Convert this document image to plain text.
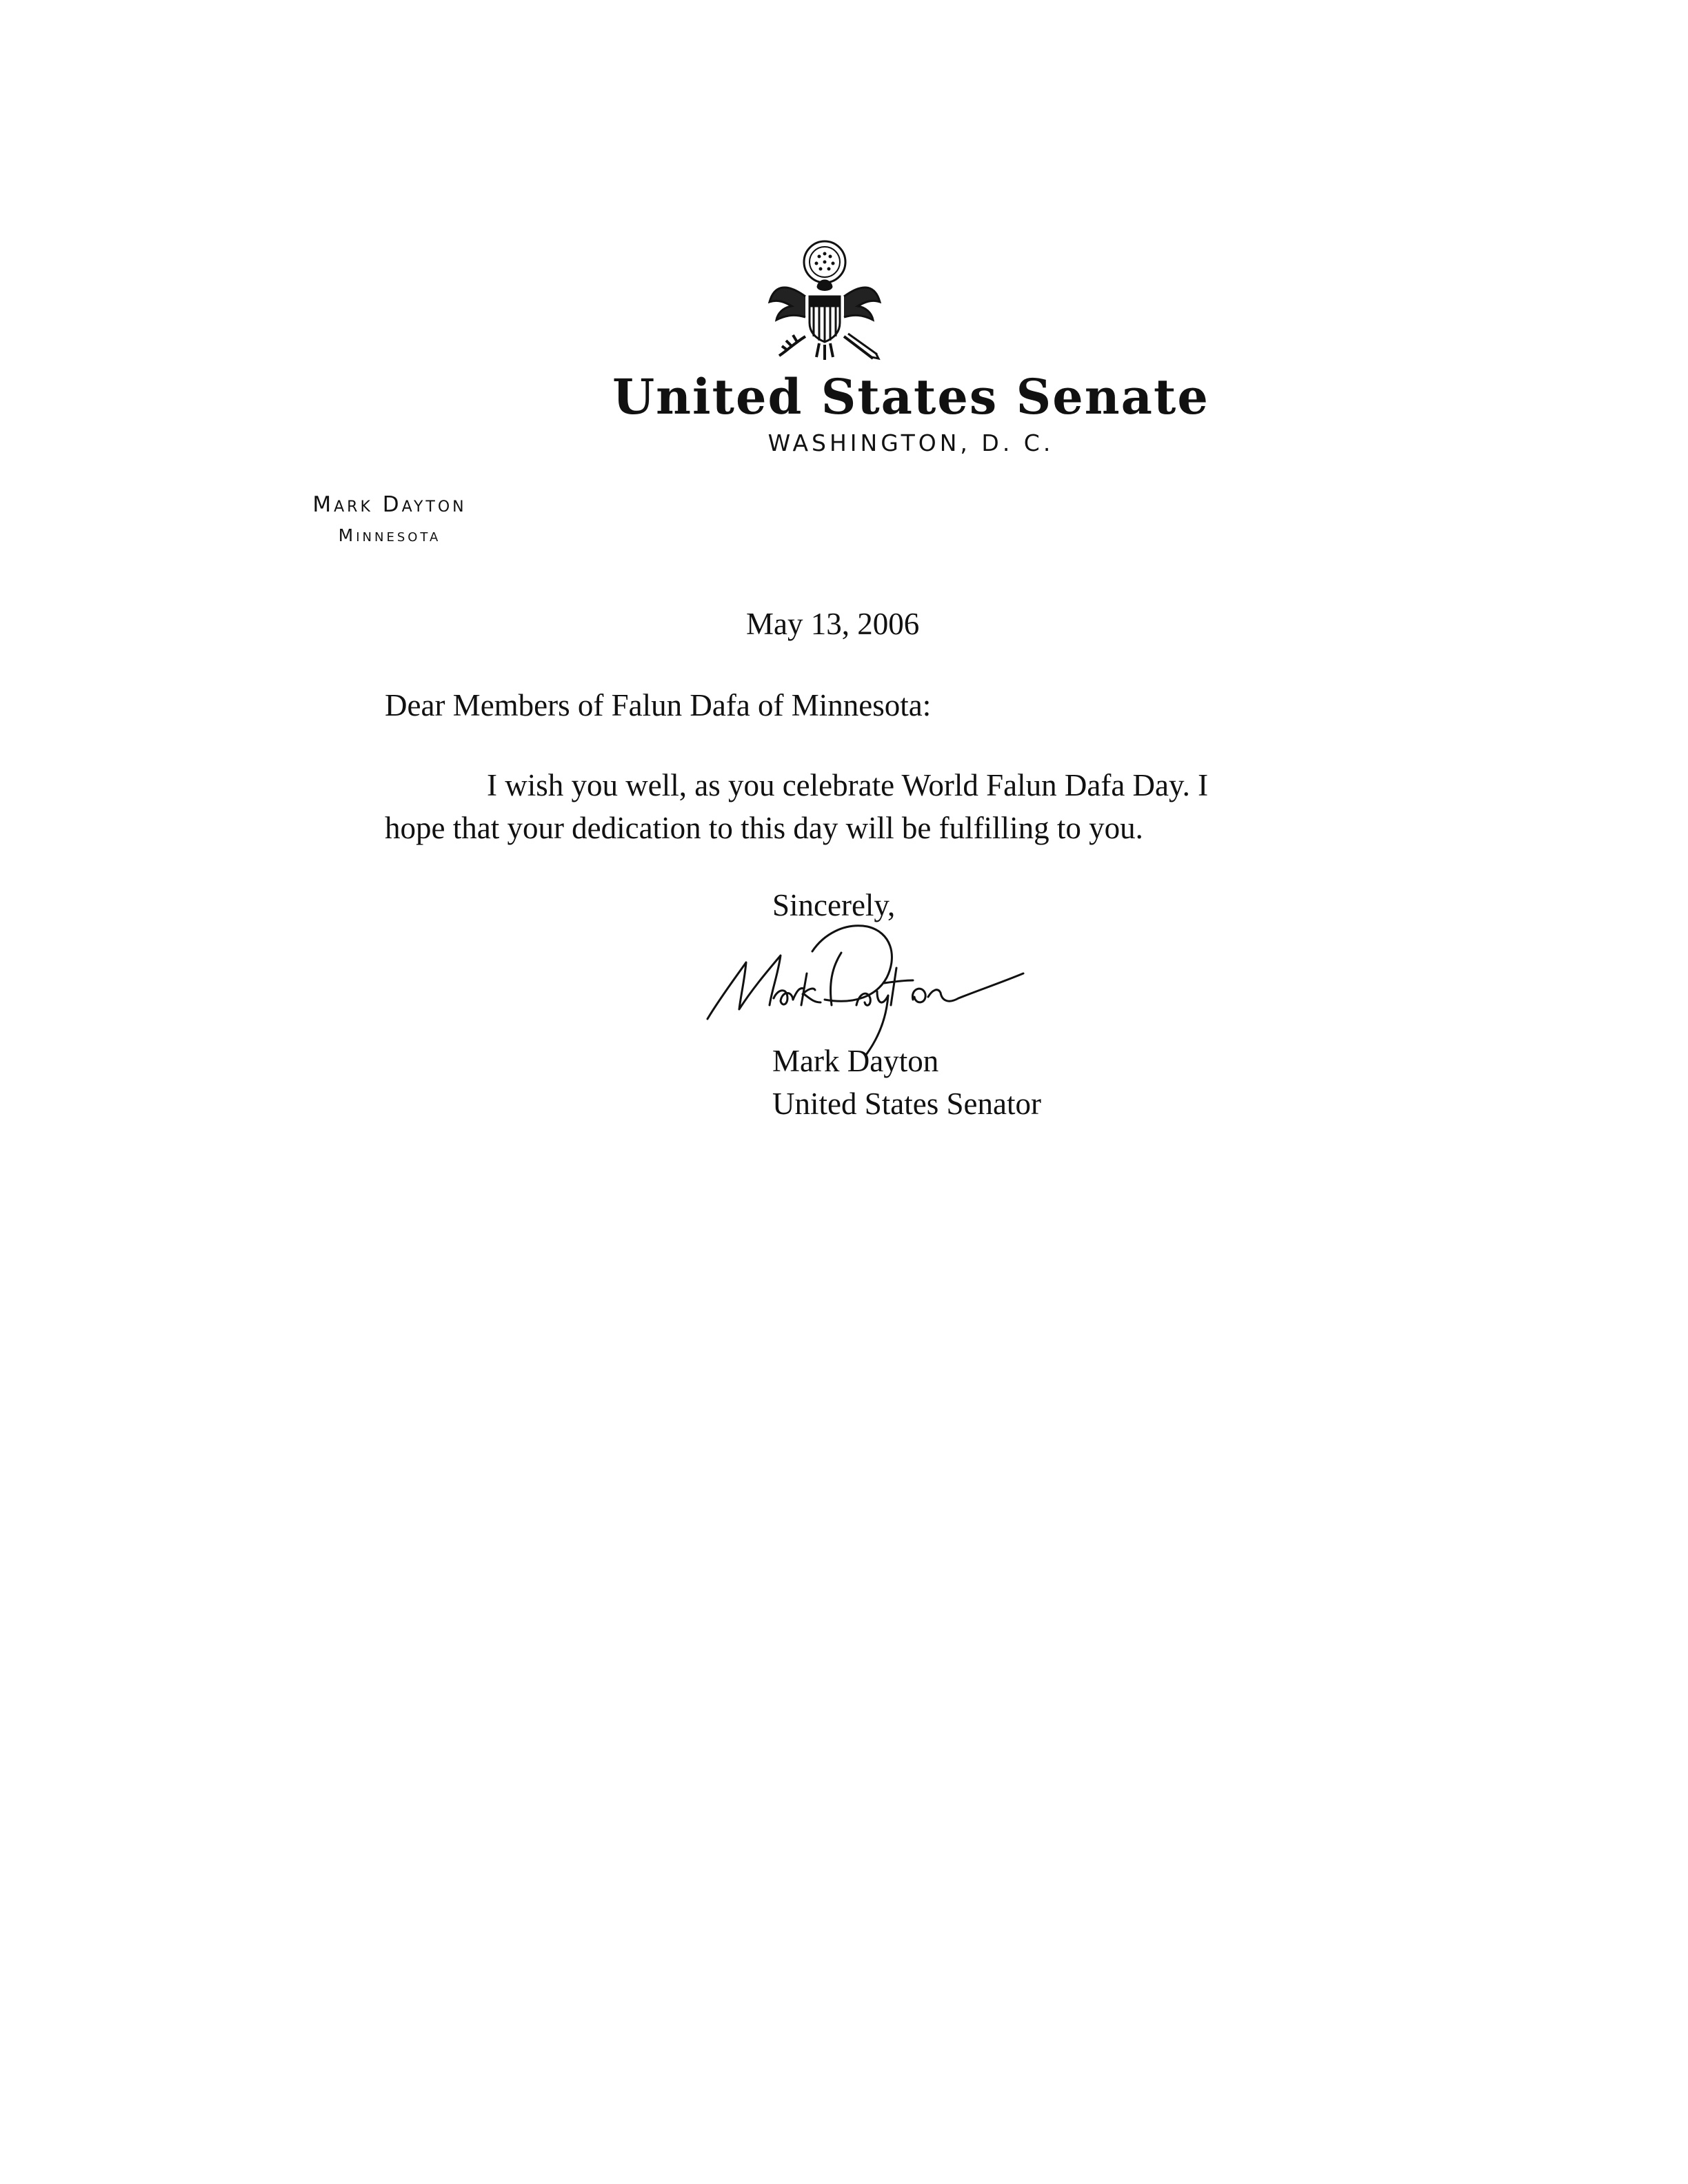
United States Senate
WASHINGTON, D. C.
Mark Dayton
Minnesota
May 13, 2006
Dear Members of Falun Dafa of Minnesota:
I wish you well, as you celebrate World Falun Dafa Day. I
hope that your dedication to this day will be fulfilling to you.
Sincerely,
Mark Dayton
United States Senator
